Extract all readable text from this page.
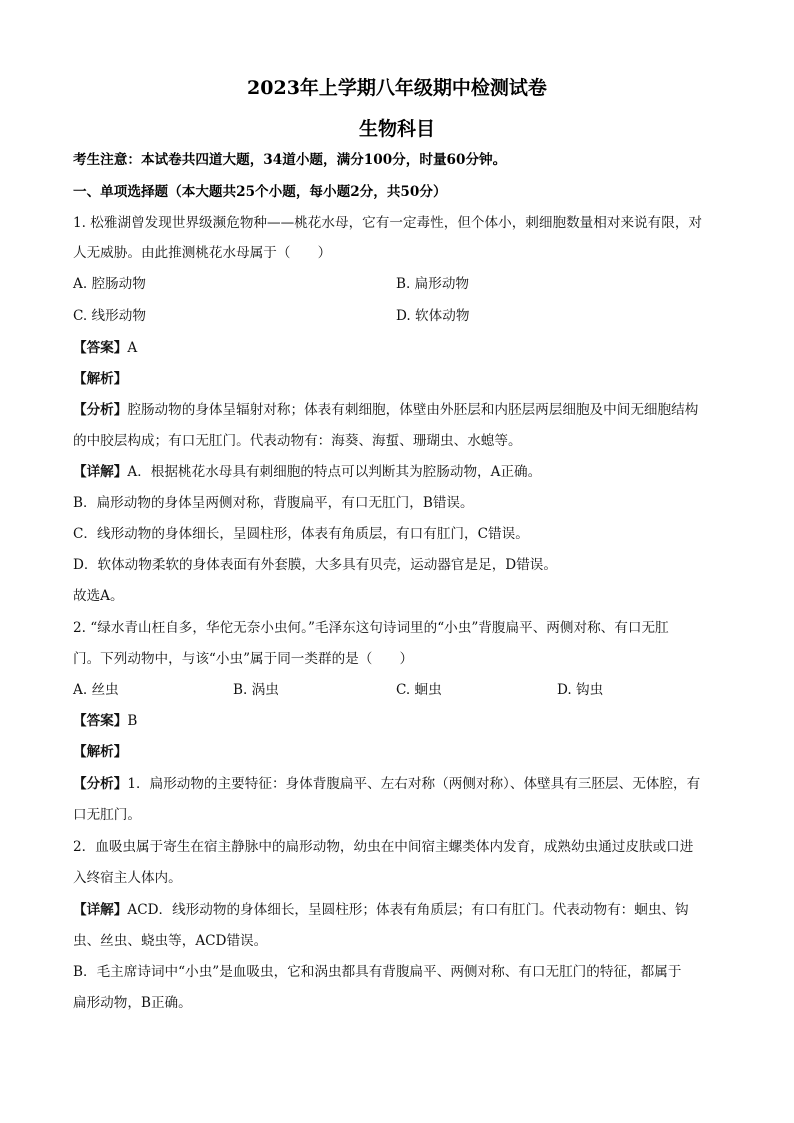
2023年上学期八年级期中检测试卷
生物科目
考生注意：本试卷共四道大题，34道小题，满分100分，时量60分钟。
一、单项选择题（本大题共25个小题，每小题2分，共50分）
1. 松雅湖曾发现世界级濒危物种——桃花水母，它有一定毒性，但个体小，刺细胞数量相对来说有限，对
人无威胁。由此推测桃花水母属于（　　）
A. 腔肠动物	B. 扁形动物
C. 线形动物	D. 软体动物
【答案】A
【解析】
【分析】腔肠动物的身体呈辐射对称；体表有刺细胞，体壁由外胚层和内胚层两层细胞及中间无细胞结构
的中胶层构成；有口无肛门。代表动物有：海葵、海蜇、珊瑚虫、水螅等。
【详解】A．根据桃花水母具有刺细胞的特点可以判断其为腔肠动物，A正确。
B．扁形动物的身体呈两侧对称，背腹扁平，有口无肛门，B错误。
C．线形动物的身体细长，呈圆柱形，体表有角质层，有口有肛门，C错误。
D．软体动物柔软的身体表面有外套膜，大多具有贝壳，运动器官是足，D错误。
故选A。
2. “绿水青山枉自多，华佗无奈小虫何。”毛泽东这句诗词里的“小虫”背腹扁平、两侧对称、有口无肛
门。下列动物中，与该“小虫”属于同一类群的是（　　）
A. 丝虫	B. 涡虫	C. 蛔虫	D. 钩虫
【答案】B
【解析】
【分析】1．扁形动物的主要特征：身体背腹扁平、左右对称（两侧对称）、体壁具有三胚层、无体腔，有
口无肛门。
2．血吸虫属于寄生在宿主静脉中的扁形动物，幼虫在中间宿主螺类体内发育，成熟幼虫通过皮肤或口进
入终宿主人体内。
【详解】ACD．线形动物的身体细长，呈圆柱形；体表有角质层；有口有肛门。代表动物有：蛔虫、钩
虫、丝虫、蛲虫等，ACD错误。
B．毛主席诗词中“小虫”是血吸虫，它和涡虫都具有背腹扁平、两侧对称、有口无肛门的特征，都属于
扁形动物，B正确。
